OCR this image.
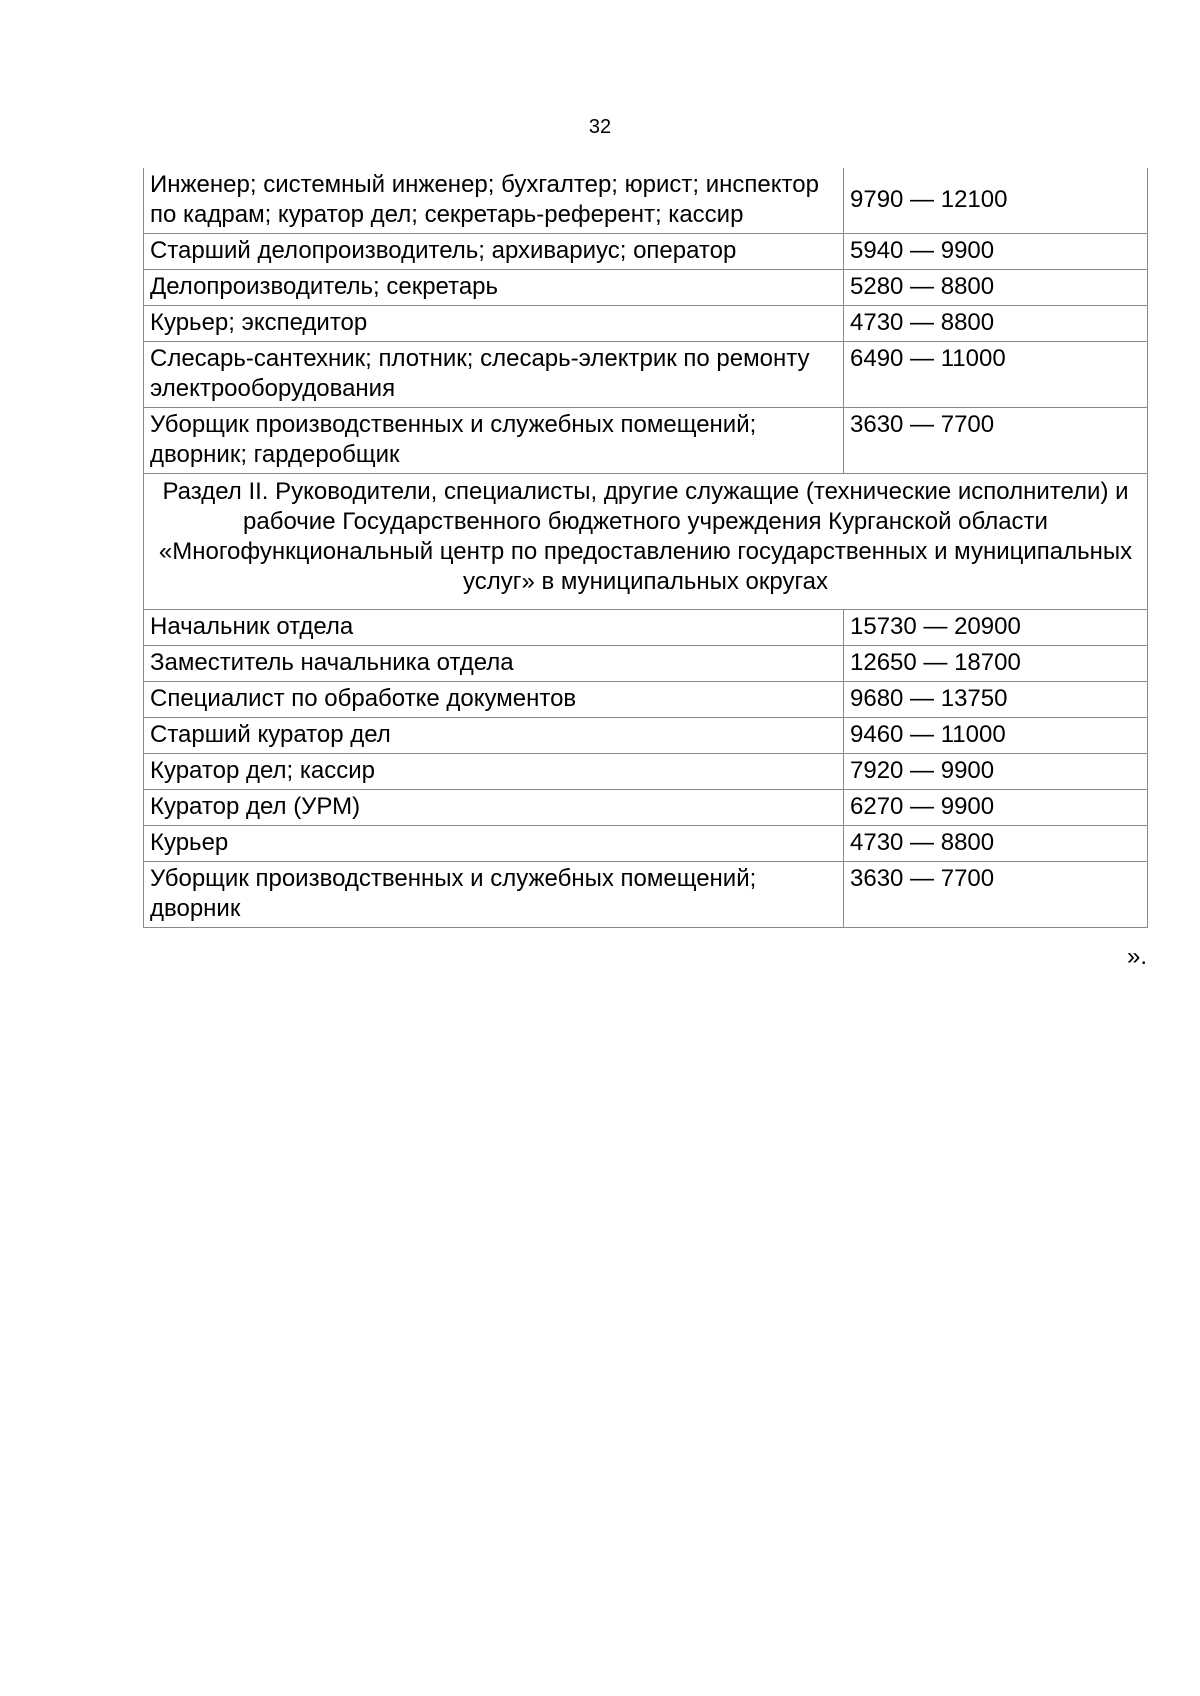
32
Инженер; системный инженер; бухгалтер; юрист; инспектор по кадрам; куратор дел; секретарь-референт; кассир	9790 — 12100
Старший делопроизводитель; архивариус; оператор	5940 — 9900
Делопроизводитель; секретарь	5280 — 8800
Курьер; экспедитор	4730 — 8800
Слесарь-сантехник; плотник; слесарь-электрик по ремонту электрооборудования	6490 — 11000
Уборщик производственных и служебных помещений; дворник; гардеробщик	3630 — 7700
Раздел II. Руководители, специалисты, другие служащие (технические исполнители) и рабочие Государственного бюджетного учреждения Курганской области «Многофункциональный центр по предоставлению государственных и муниципальных услуг» в муниципальных округах	
Начальник отдела	15730 — 20900
Заместитель начальника отдела	12650 — 18700
Специалист по обработке документов	9680 — 13750
Старший куратор дел	9460 — 11000
Куратор дел; кассир	7920 — 9900
Куратор дел (УРМ)	6270 — 9900
Курьер	4730 — 8800
Уборщик производственных и служебных помещений; дворник	3630 — 7700
».
